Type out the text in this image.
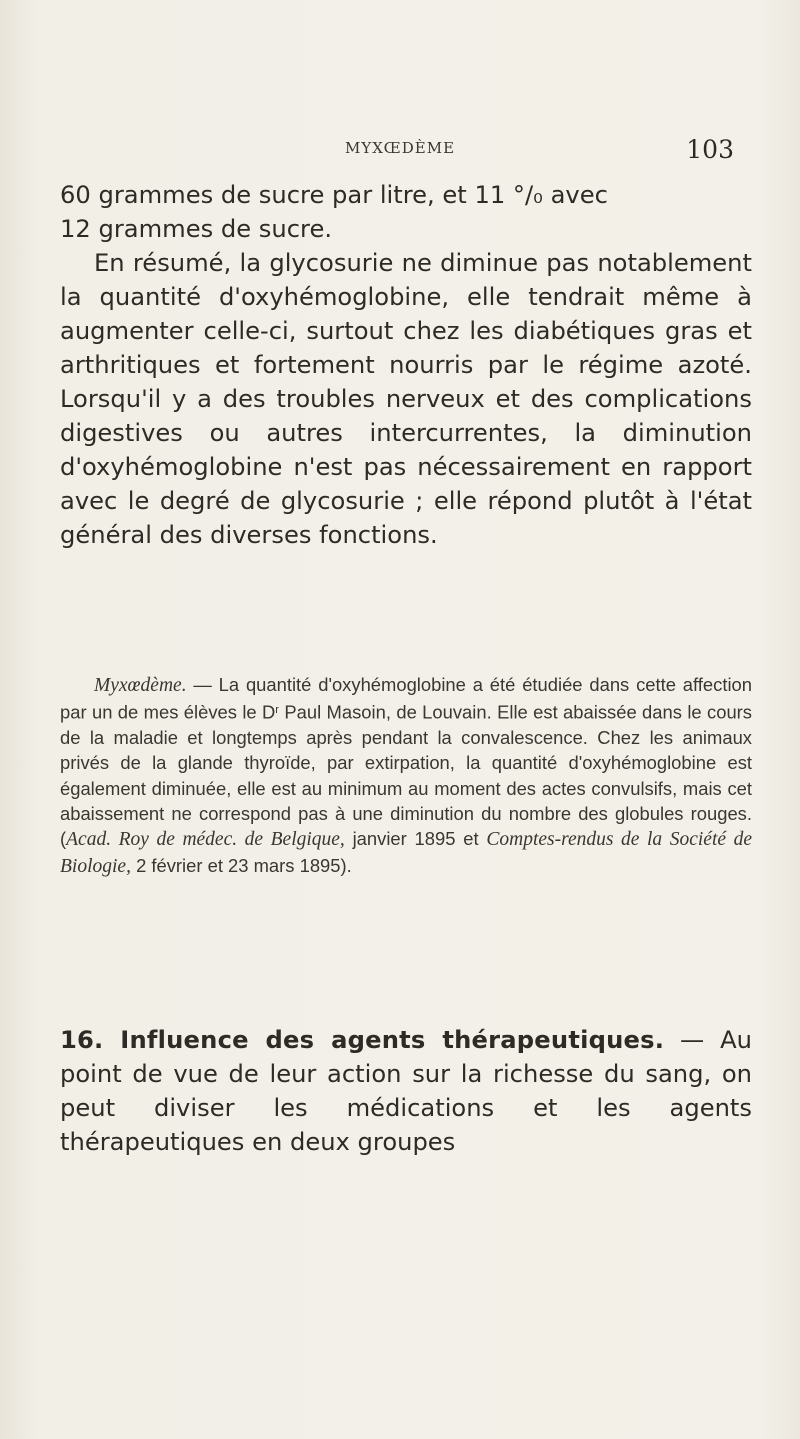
MYXŒDÈME	103

60 grammes de sucre par litre, et 11 °/₀ avec
12 grammes de sucre.

En résumé, la glycosurie ne diminue pas notablement la quantité d'oxyhémoglobine, elle tendrait même à augmenter celle-ci, surtout chez les diabétiques gras et arthritiques et fortement nourris par le régime azoté. Lorsqu'il y a des troubles nerveux et des complications digestives ou autres intercurrentes, la diminution d'oxyhémoglobine n'est pas nécessairement en rapport avec le degré de glycosurie ; elle répond plutôt à l'état général des diverses fonctions.

Myxœdème. — La quantité d'oxyhémoglobine a été étudiée dans cette affection par un de mes élèves le $D^r$ Paul Masoin, de Louvain. Elle est abaissée dans le cours de la maladie et longtemps après pendant la convalescence. Chez les animaux privés de la glande thyroïde, par extirpation, la quantité d'oxyhémoglobine est également diminuée, elle est au minimum au moment des actes convulsifs, mais cet abaissement ne correspond pas à une diminution du nombre des globules rouges. (Acad. Roy de médec. de Belgique, janvier 1895 et Comptes-rendus de la Société de Biologie, 2 février et 23 mars 1895).
16. Influence des agents thérapeutiques. — Au point de vue de leur action sur la richesse du sang, on peut diviser les médications et les agents thérapeutiques en deux groupes
